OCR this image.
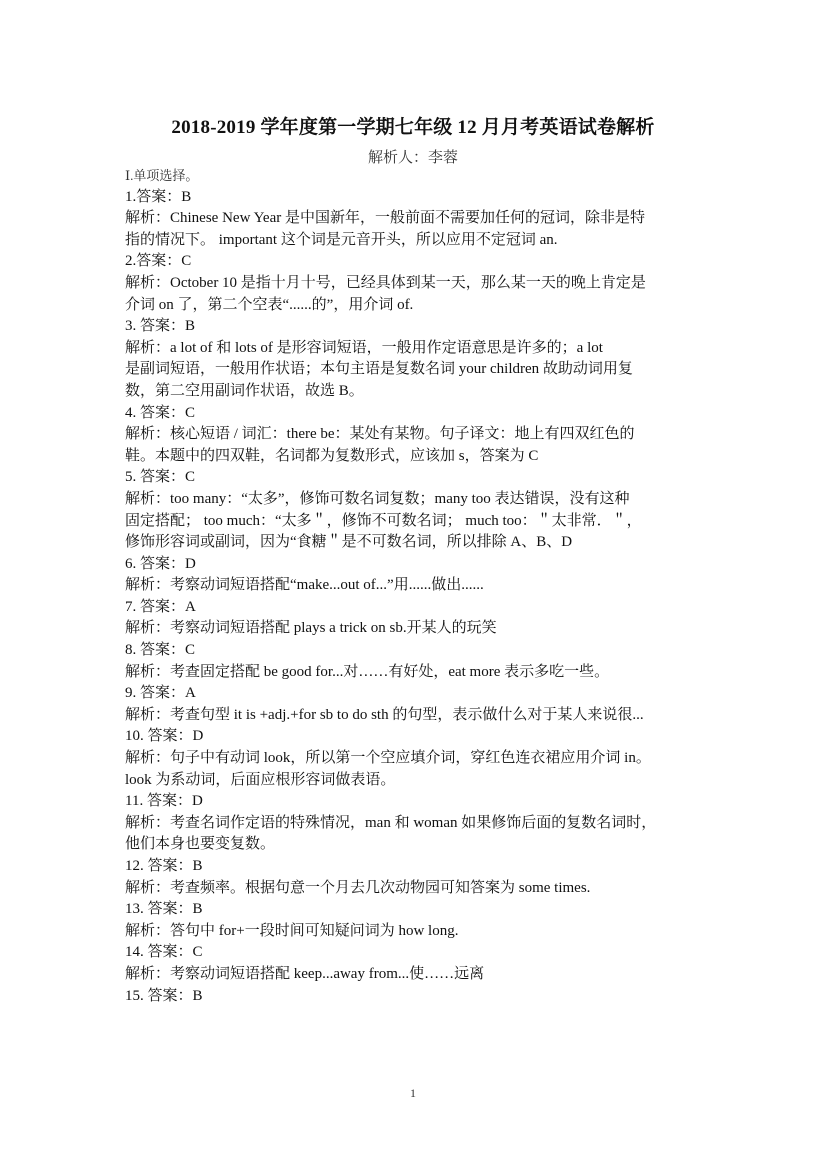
2018-2019 学年度第一学期七年级 12 月月考英语试卷解析
解析人：李蓉
Ⅰ.单项选择。
1.答案：B
解析：Chinese New Year 是中国新年，一般前面不需要加任何的冠词，除非是特
指的情况下。 important 这个词是元音开头，所以应用不定冠词 an.
2.答案：C
解析：October 10 是指十月十号，已经具体到某一天，那么某一天的晚上肯定是
介词 on 了，第二个空表“......的”，用介词 of.
3. 答案：B
解析：a lot of 和 lots of 是形容词短语，一般用作定语意思是许多的；a lot
是副词短语，一般用作状语；本句主语是复数名词 your children 故助动词用复
数，第二空用副词作状语，故选 B。
4. 答案：C
解析：核心短语 / 词汇：there be：某处有某物。句子译文：地上有四双红色的
鞋。本题中的四双鞋，名词都为复数形式，应该加 s，答案为 C
5. 答案：C
解析：too many：“太多”，修饰可数名词复数；many too 表达错误，没有这种
固定搭配； too much：“太多＂，修饰不可数名词； much too：＂太非常．＂，
修饰形容词或副词，因为“食糖＂是不可数名词，所以排除 A、B、D
6. 答案：D
解析：考察动词短语搭配“make...out of...”用......做出......
7. 答案：A
解析：考察动词短语搭配 plays a trick on sb.开某人的玩笑
8. 答案：C
解析：考查固定搭配 be good for...对……有好处，eat more 表示多吃一些。
9. 答案：A
解析：考查句型 it is +adj.+for sb to do sth 的句型，表示做什么对于某人来说很...
10. 答案：D
解析：句子中有动词 look，所以第一个空应填介词，穿红色连衣裙应用介词 in。
look 为系动词，后面应根形容词做表语。
11. 答案：D
解析：考查名词作定语的特殊情况，man 和 woman 如果修饰后面的复数名词时，
他们本身也要变复数。
12. 答案：B
解析：考查频率。根据句意一个月去几次动物园可知答案为 some times.
13. 答案：B
解析：答句中 for+一段时间可知疑问词为 how long.
14. 答案：C
解析：考察动词短语搭配 keep...away from...使……远离
15. 答案：B
1
